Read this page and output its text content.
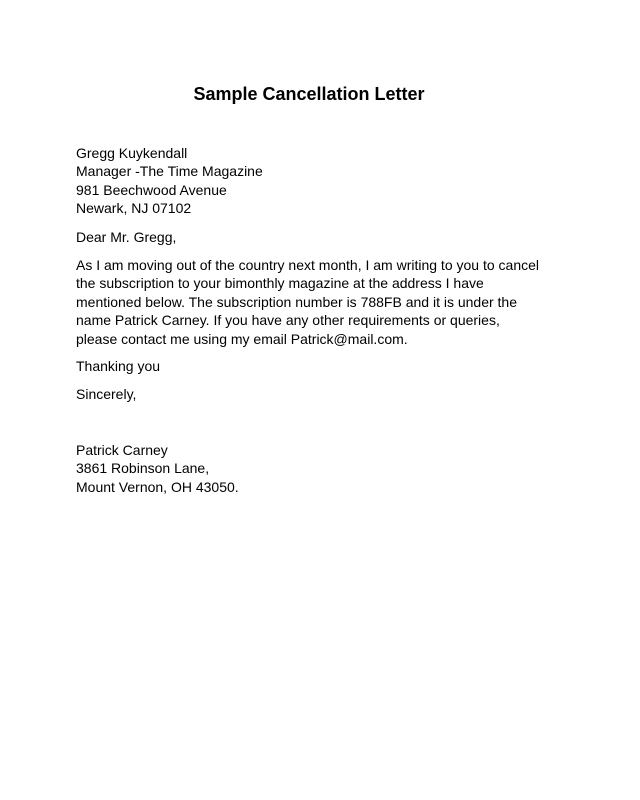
Sample Cancellation Letter
Gregg Kuykendall
Manager -The Time Magazine
981 Beechwood Avenue
Newark, NJ 07102
Dear Mr. Gregg,
As I am moving out of the country next month, I am writing to you to cancel
the subscription to your bimonthly magazine at the address I have
mentioned below. The subscription number is 788FB and it is under the
name Patrick Carney. If you have any other requirements or queries,
please contact me using my email Patrick@mail.com.
Thanking you
Sincerely,
Patrick Carney
3861 Robinson Lane,
Mount Vernon, OH 43050.
